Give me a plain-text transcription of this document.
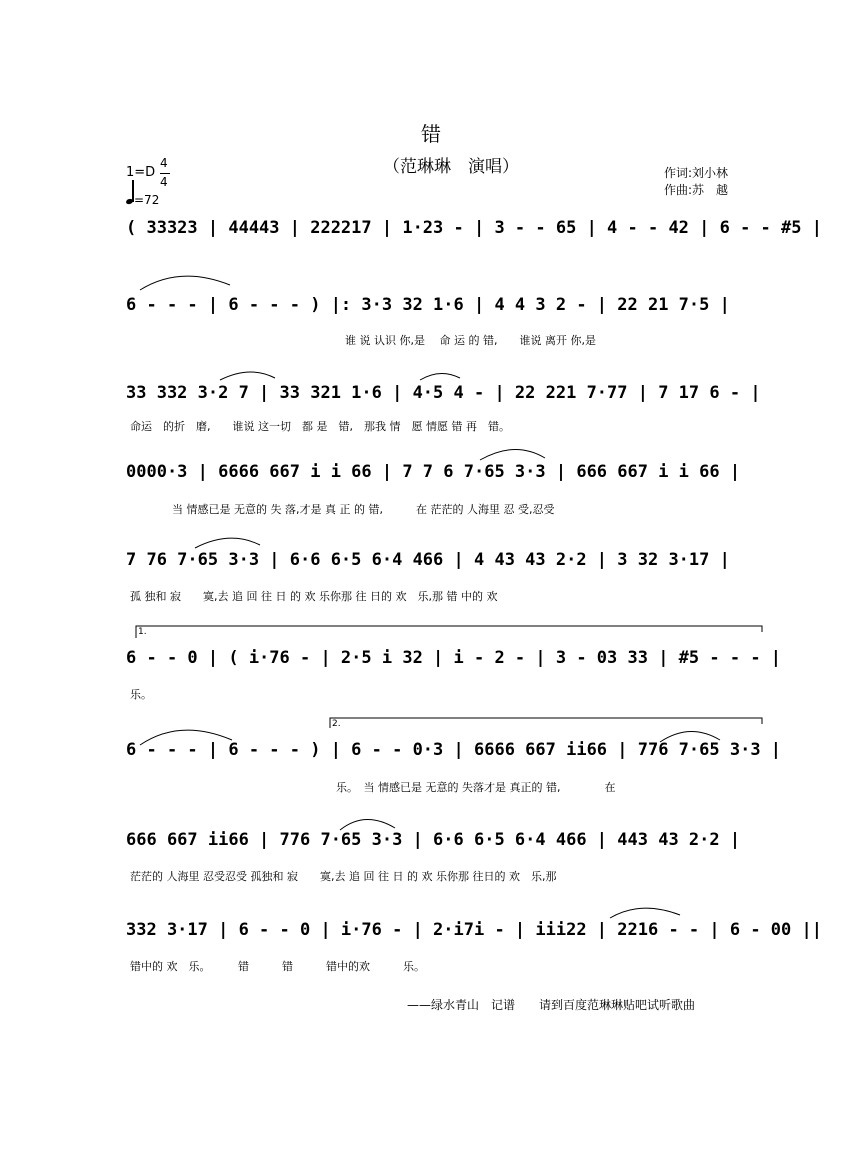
错
（范琳琳　演唱）
1=D
4
4
=72
作词:刘小林
作曲:苏　越
( 33323 | 44443 | 222217 | 1·23 - | 3 - - 65 | 4 - - 42 | 6 - - #5 |
6 - - - | 6 - - - ) |: 3·3 32 1·6 | 4 4 3 2 - | 22 21 7·5 |
谁 说 认识 你,是 　命 运 的 错,　　谁说 离开 你,是
33 332 3·2 7 | 33 321 1·6 | 4·5 4 - | 22 221 7·77 | 7 17 6 - |
命运　的折　磨,　　谁说 这一切　都 是　错,　那我 情　愿 情愿 错 再　错。
0000·3 | 6666 667 i i 66 | 7 7 6 7·65 3·3 | 666 667 i i 66 |
　　当 情感已是 无意的 失 落,才是 真 正 的 错,　　　在 茫茫的 人海里 忍 受,忍受
7 76 7·65 3·3 | 6·6 6·5 6·4 466 | 4 43 43 2·2 | 3 32 3·17 |
孤 独和 寂　　寞,去 追 回 往 日 的 欢 乐你那 往 日的 欢　乐,那 错 中的 欢
1.
6 - - 0 | ( i·76 - | 2·5 i 32 | i - 2 - | 3 - 03 33 | #5 - - - |
乐。
2.
6 - - - | 6 - - - ) | 6 - - 0·3 | 6666 667 ii66 | 776 7·65 3·3 |
乐。　当 情感已是 无意的 失落才是 真正的 错,　　　　在
666 667 ii66 | 776 7·65 3·3 | 6·6 6·5 6·4 466 | 443 43 2·2 |
茫茫的 人海里 忍受忍受 孤独和 寂　　寞,去 追 回 往 日 的 欢 乐你那 往日的 欢　乐,那
332 3·17 | 6 - - 0 | i·76 - | 2·i7i - | iii22 | 2216 - - | 6 - 00 ||
错中的 欢　乐。　　　错　　　错　　　错中的欢　　　乐。
——绿水青山　记谱　　请到百度范琳琳贴吧试听歌曲
